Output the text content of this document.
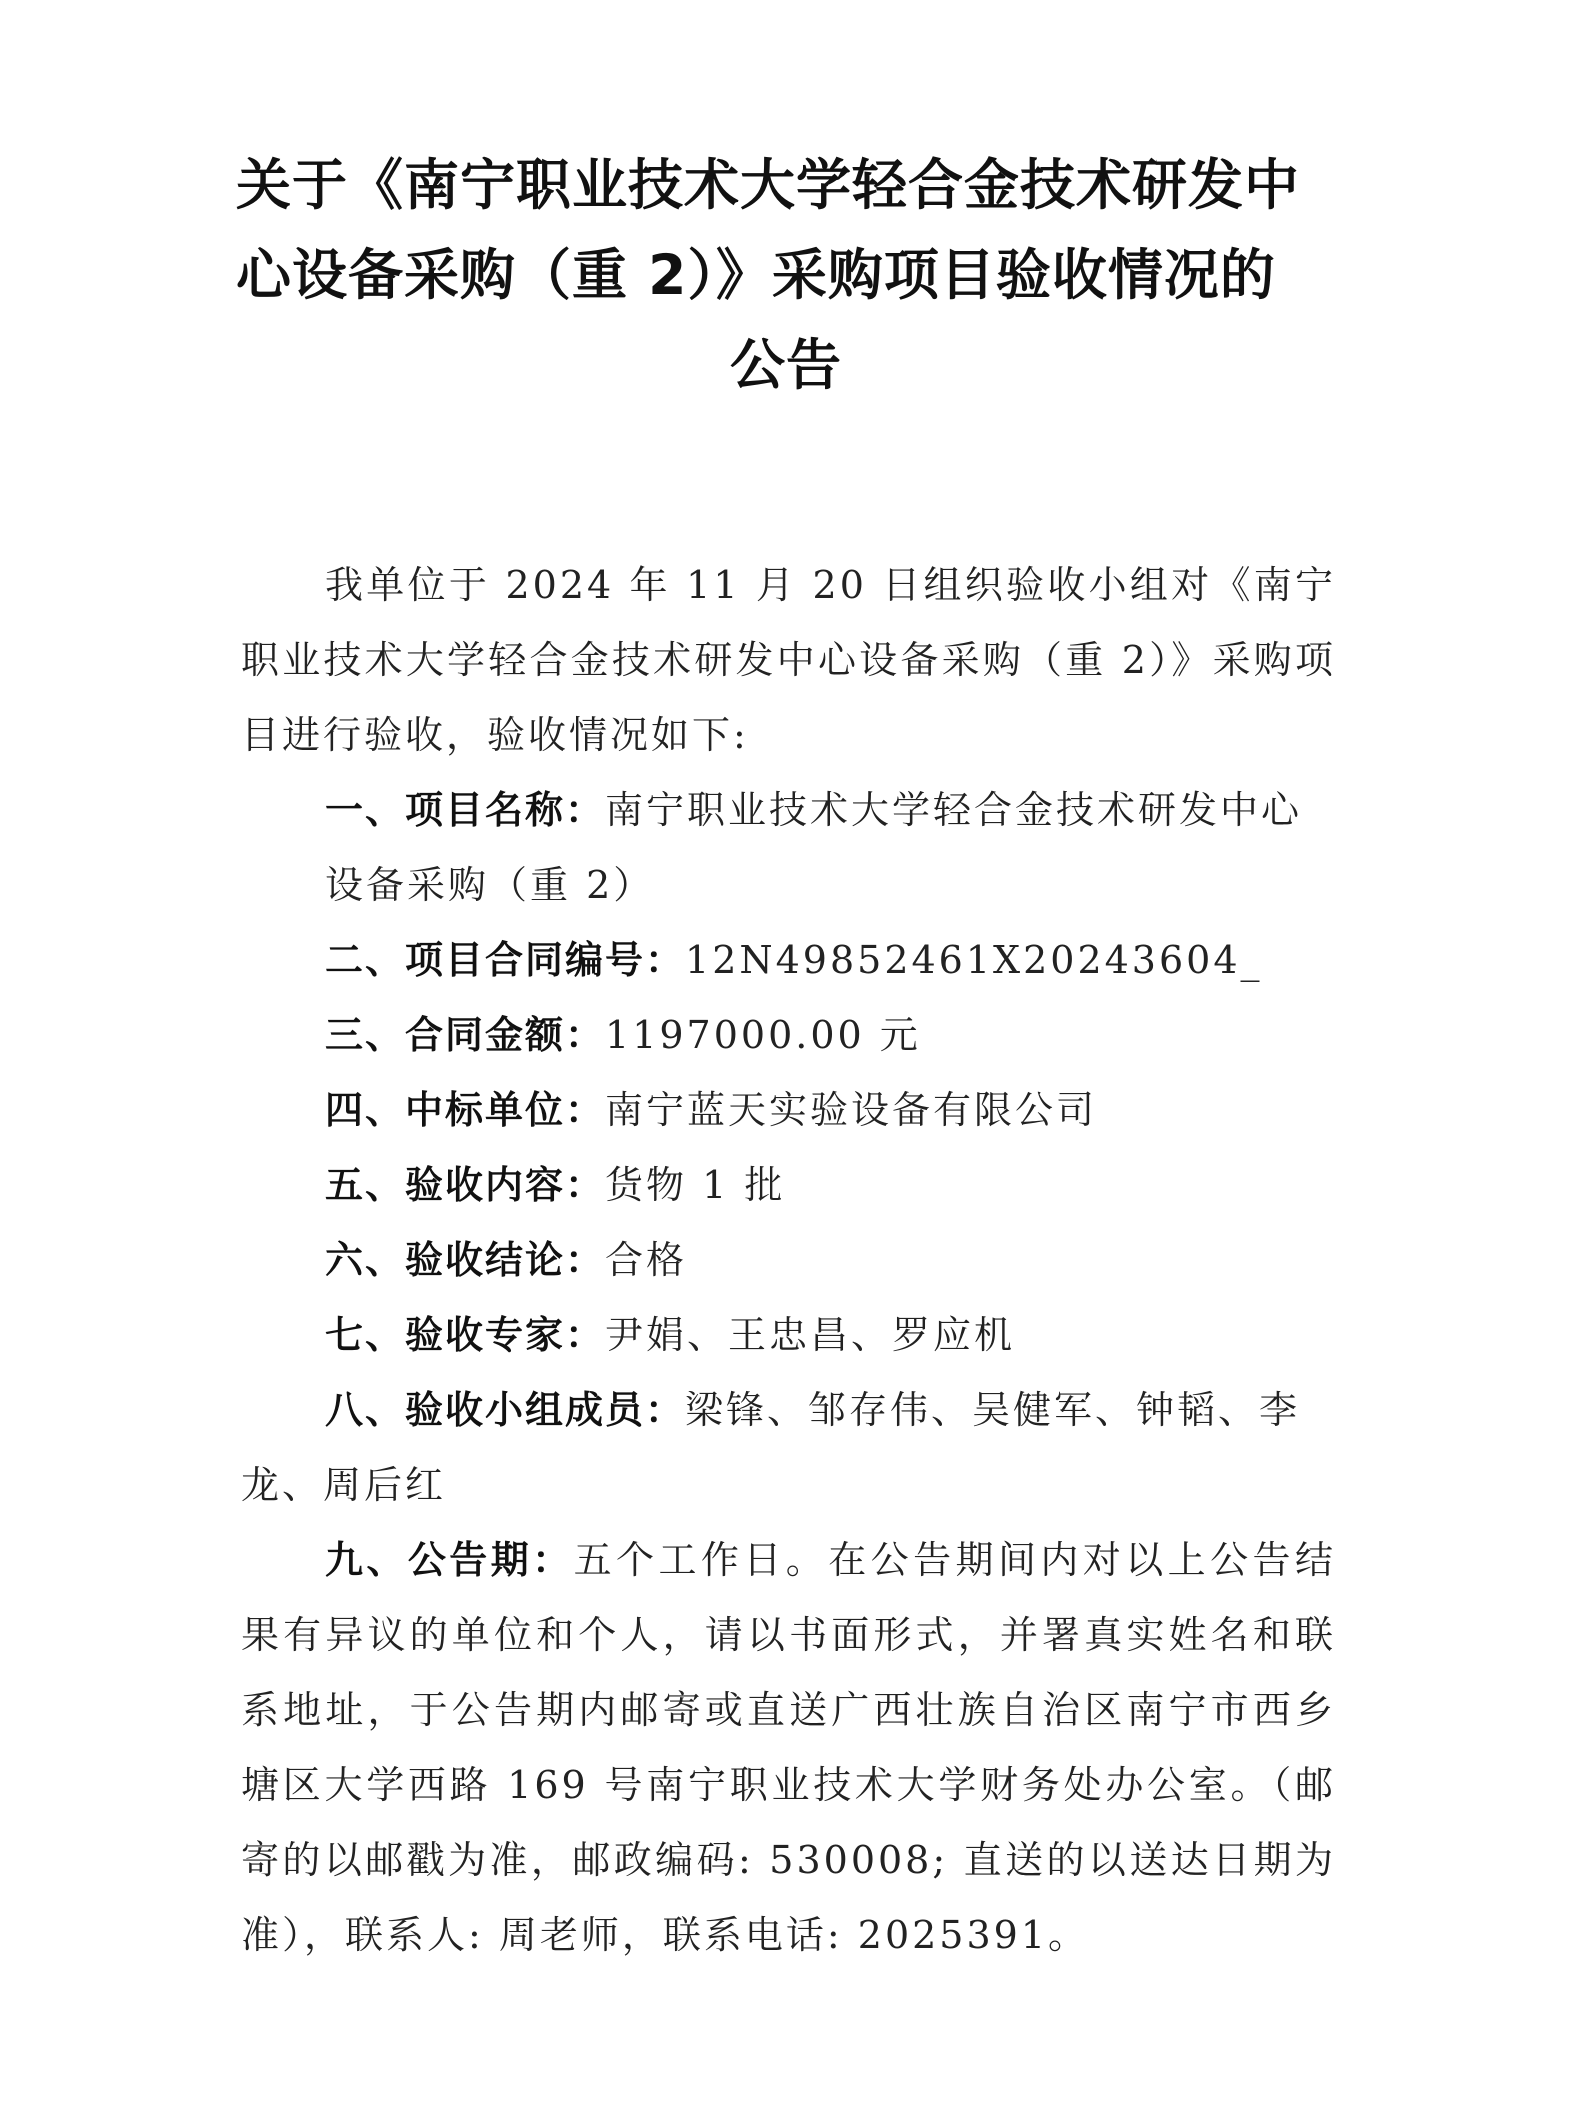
关于《南宁职业技术大学轻合金技术研发中
心设备采购（重 2）》采购项目验收情况的
公告

我单位于 2024 年 11 月 20 日组织验收小组对《南宁职业技术大学轻合金技术研发中心设备采购（重 2）》采购项目进行验收，验收情况如下:

一、项目名称：南宁职业技术大学轻合金技术研发中心

设备采购（重 2）

二、项目合同编号：12N49852461X20243604_

三、合同金额：1197000.00 元

四、中标单位：南宁蓝天实验设备有限公司

五、验收内容：货物 1 批

六、验收结论：合格

七、验收专家：尹娟、王忠昌、罗应机

八、验收小组成员：梁锋、邹存伟、吴健军、钟韬、李龙、周后红

九、公告期：五个工作日。在公告期间内对以上公告结果有异议的单位和个人，请以书面形式，并署真实姓名和联系地址，于公告期内邮寄或直送广西壮族自治区南宁市西乡塘区大学西路 169 号南宁职业技术大学财务处办公室。（邮寄的以邮戳为准，邮政编码: 530008; 直送的以送达日期为准），联系人: 周老师，联系电话: 2025391。
